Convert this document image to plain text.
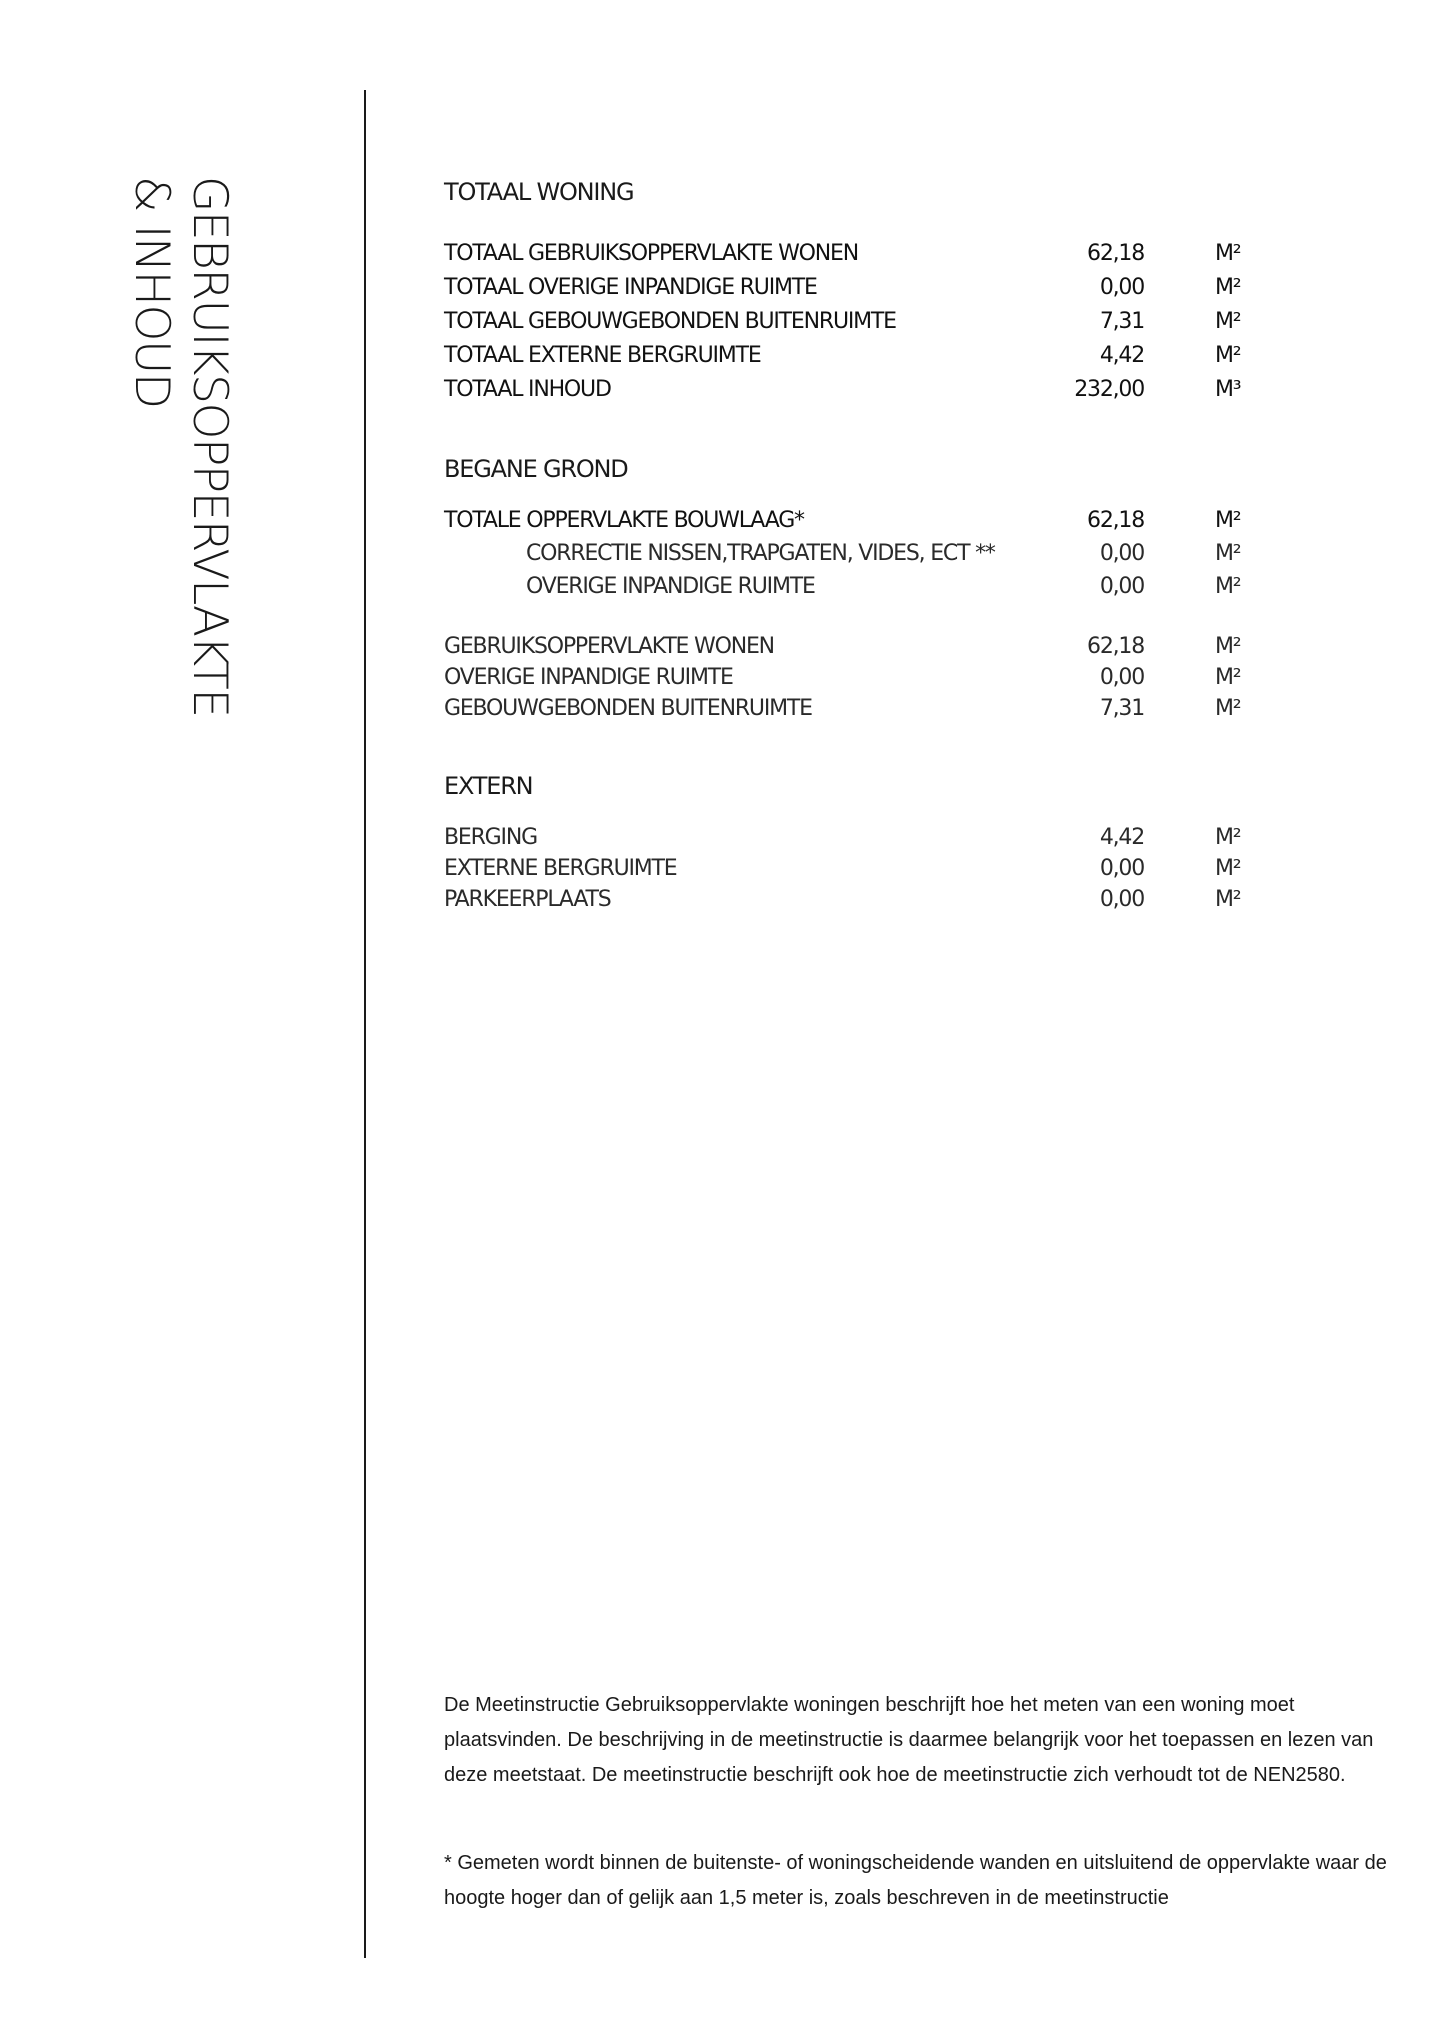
GEBRUIKSOPPERVLAKTE
& INHOUD	TOTAAL WONING
TOTAAL GEBRUIKSOPPERVLAKTE WONEN	62,18	M²
TOTAAL OVERIGE INPANDIGE RUIMTE	0,00	M²
TOTAAL GEBOUWGEBONDEN BUITENRUIMTE	7,31	M²
TOTAAL EXTERNE BERGRUIMTE	4,42	M²
TOTAAL INHOUD	232,00	M³
BEGANE GROND
TOTALE OPPERVLAKTE BOUWLAAG*	62,18	M²
CORRECTIE NISSEN,TRAPGATEN, VIDES, ECT **	0,00	M²
OVERIGE INPANDIGE RUIMTE	0,00	M²
GEBRUIKSOPPERVLAKTE WONEN	62,18	M²
OVERIGE INPANDIGE RUIMTE	0,00	M²
GEBOUWGEBONDEN BUITENRUIMTE	7,31	M²
EXTERN
BERGING	4,42	M²
EXTERNE BERGRUIMTE	0,00	M²
PARKEERPLAATS	0,00	M²
De Meetinstructie Gebruiksoppervlakte woningen beschrijft hoe het meten van een woning moet plaatsvinden. De beschrijving in de meetinstructie is daarmee belangrijk voor het toepassen en lezen van deze meetstaat. De meetinstructie beschrijft ook hoe de meetinstructie zich verhoudt tot de NEN2580.
* Gemeten wordt binnen de buitenste- of woningscheidende wanden en uitsluitend de oppervlakte waar de hoogte hoger dan of gelijk aan 1,5 meter is, zoals beschreven in de meetinstructie
